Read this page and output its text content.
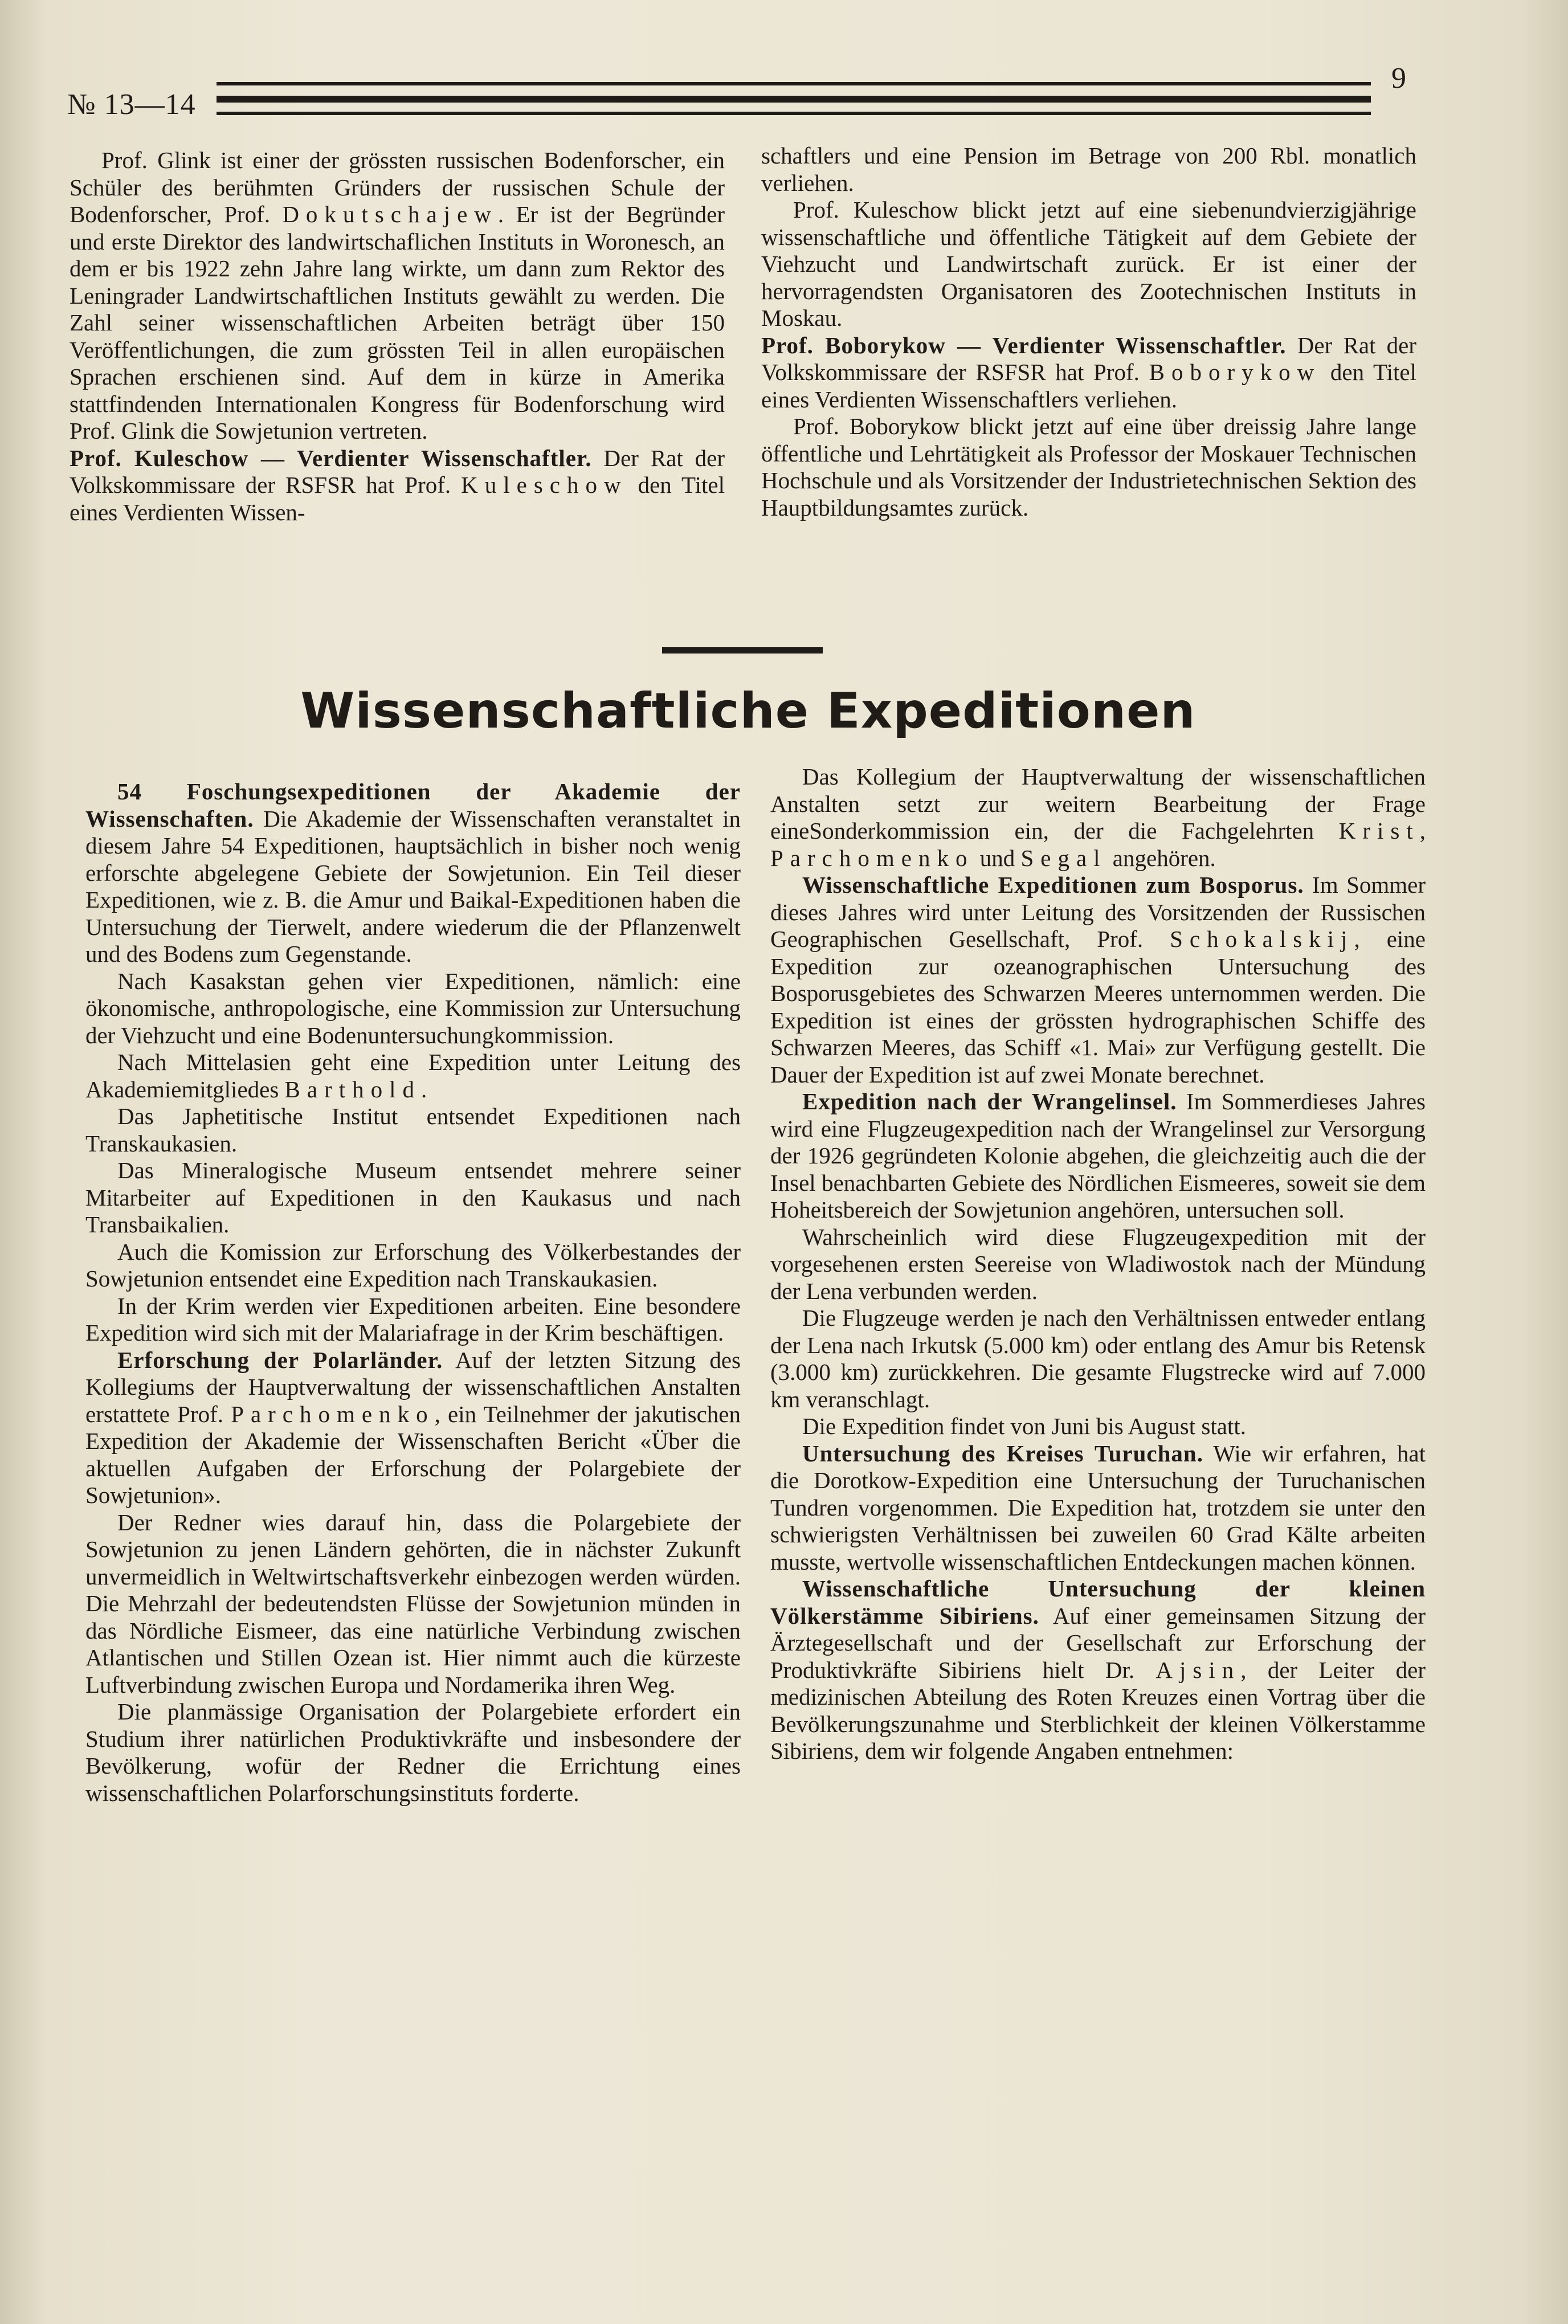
№ 13—14
9

Prof. Glink ist einer der grössten russischen Bodenforscher, ein Schüler des berühmten Gründers der russischen Schule der Bodenforscher, Prof. Dokutschajew. Er ist der Begründer und erste Direktor des landwirtschaflichen Instituts in Woronesch, an dem er bis 1922 zehn Jahre lang wirkte, um dann zum Rektor des Leningrader Landwirtschaftlichen Instituts gewählt zu werden. Die Zahl seiner wissenschaftlichen Arbeiten beträgt über 150 Veröffentlichungen, die zum grössten Teil in allen europäischen Sprachen erschienen sind. Auf dem in kürze in Amerika stattfindenden Internationalen Kongress für Bodenforschung wird Prof. Glink die Sowjetunion vertreten.

Prof. Kuleschow — Verdienter Wissenschaftler. Der Rat der Volkskommissare der RSFSR hat Prof. Kuleschow den Titel eines Verdienten Wissen-

schaftlers und eine Pension im Betrage von 200 Rbl. monatlich verliehen.

Prof. Kuleschow blickt jetzt auf eine siebenundvierzigjährige wissenschaftliche und öffentliche Tätigkeit auf dem Gebiete der Viehzucht und Landwirtschaft zurück. Er ist einer der hervorragendsten Organisatoren des Zootechnischen Instituts in Moskau.

Prof. Boborykow — Verdienter Wissenschaftler. Der Rat der Volkskommissare der RSFSR hat Prof. Boborykow den Titel eines Verdienten Wissenschaftlers verliehen.

Prof. Boborykow blickt jetzt auf eine über dreissig Jahre lange öffentliche und Lehrtätigkeit als Professor der Moskauer Technischen Hochschule und als Vorsitzender der Industrietechnischen Sektion des Hauptbildungsamtes zurück.

Wissenschaftliche Expeditionen

54 Foschungsexpeditionen der Akademie der Wissenschaften. Die Akademie der Wissenschaften veranstaltet in diesem Jahre 54 Expeditionen, hauptsächlich in bisher noch wenig erforschte abgelegene Gebiete der Sowjetunion. Ein Teil dieser Expeditionen, wie z. B. die Amur und Baikal-Expeditionen haben die Untersuchung der Tierwelt, andere wiederum die der Pflanzenwelt und des Bodens zum Gegenstande.

Nach Kasakstan gehen vier Expeditionen, nämlich: eine ökonomische, anthropologische, eine Kommission zur Untersuchung der Viehzucht und eine Bodenuntersuchungkommission.

Nach Mittelasien geht eine Expedition unter Leitung des Akademiemitgliedes Barthold.

Das Japhetitische Institut entsendet Expeditionen nach Transkaukasien.

Das Mineralogische Museum entsendet mehrere seiner Mitarbeiter auf Expeditionen in den Kaukasus und nach Transbaikalien.

Auch die Komission zur Erforschung des Völkerbestandes der Sowjetunion entsendet eine Expedition nach Transkaukasien.

In der Krim werden vier Expeditionen arbeiten. Eine besondere Expedition wird sich mit der Malariafrage in der Krim beschäftigen.

Erforschung der Polarländer. Auf der letzten Sitzung des Kollegiums der Hauptverwaltung der wissenschaftlichen Anstalten erstattete Prof. Parchomenko, ein Teilnehmer der jakutischen Expedition der Akademie der Wissenschaften Bericht «Über die aktuellen Aufgaben der Erforschung der Polargebiete der Sowjetunion».

Der Redner wies darauf hin, dass die Polargebiete der Sowjetunion zu jenen Ländern gehörten, die in nächster Zukunft unvermeidlich in Weltwirtschaftsverkehr einbezogen werden würden. Die Mehrzahl der bedeutendsten Flüsse der Sowjetunion münden in das Nördliche Eismeer, das eine natürliche Verbindung zwischen Atlantischen und Stillen Ozean ist. Hier nimmt auch die kürzeste Luftverbindung zwischen Europa und Nordamerika ihren Weg.

Die planmässige Organisation der Polargebiete erfordert ein Studium ihrer natürlichen Produktivkräfte und insbesondere der Bevölkerung, wofür der Redner die Errichtung eines wissenschaftlichen Polarforschungsinstituts forderte.

Das Kollegium der Hauptverwaltung der wissenschaftlichen Anstalten setzt zur weitern Bearbeitung der Frage eineSonderkommission ein, der die Fachgelehrten Krist, Parchomenko und Segal angehören.

Wissenschaftliche Expeditionen zum Bosporus. Im Sommer dieses Jahres wird unter Leitung des Vorsitzenden der Russischen Geographischen Gesellschaft, Prof. Schokalskij, eine Expedition zur ozeanographischen Untersuchung des Bosporusgebietes des Schwarzen Meeres unternommen werden. Die Expedition ist eines der grössten hydrographischen Schiffe des Schwarzen Meeres, das Schiff «1. Mai» zur Verfügung gestellt. Die Dauer der Expedition ist auf zwei Monate berechnet.

Expedition nach der Wrangelinsel. Im Sommerdieses Jahres wird eine Flugzeugexpedition nach der Wrangelinsel zur Versorgung der 1926 gegründeten Kolonie abgehen, die gleichzeitig auch die der Insel benachbarten Gebiete des Nördlichen Eismeeres, soweit sie dem Hoheitsbereich der Sowjetunion angehören, untersuchen soll.

Wahrscheinlich wird diese Flugzeugexpedition mit der vorgesehenen ersten Seereise von Wladiwostok nach der Mündung der Lena verbunden werden.

Die Flugzeuge werden je nach den Verhältnissen entweder entlang der Lena nach Irkutsk (5.000 km) oder entlang des Amur bis Retensk (3.000 km) zurückkehren. Die gesamte Flugstrecke wird auf 7.000 km veranschlagt.

Die Expedition findet von Juni bis August statt.

Untersuchung des Kreises Turuchan. Wie wir erfahren, hat die Dorotkow-Expedition eine Untersuchung der Turuchanischen Tundren vorgenommen. Die Expedition hat, trotzdem sie unter den schwierigsten Verhältnissen bei zuweilen 60 Grad Kälte arbeiten musste, wertvolle wissenschaftlichen Entdeckungen machen können.

Wissenschaftliche Untersuchung der kleinen Völkerstämme Sibiriens. Auf einer gemeinsamen Sitzung der Ärztegesellschaft und der Gesellschaft zur Erforschung der Produktivkräfte Sibiriens hielt Dr. Ajsin, der Leiter der medizinischen Abteilung des Roten Kreuzes einen Vortrag über die Bevölkerungszunahme und Sterblichkeit der kleinen Völkerstamme Sibiriens, dem wir folgende Angaben entnehmen:
